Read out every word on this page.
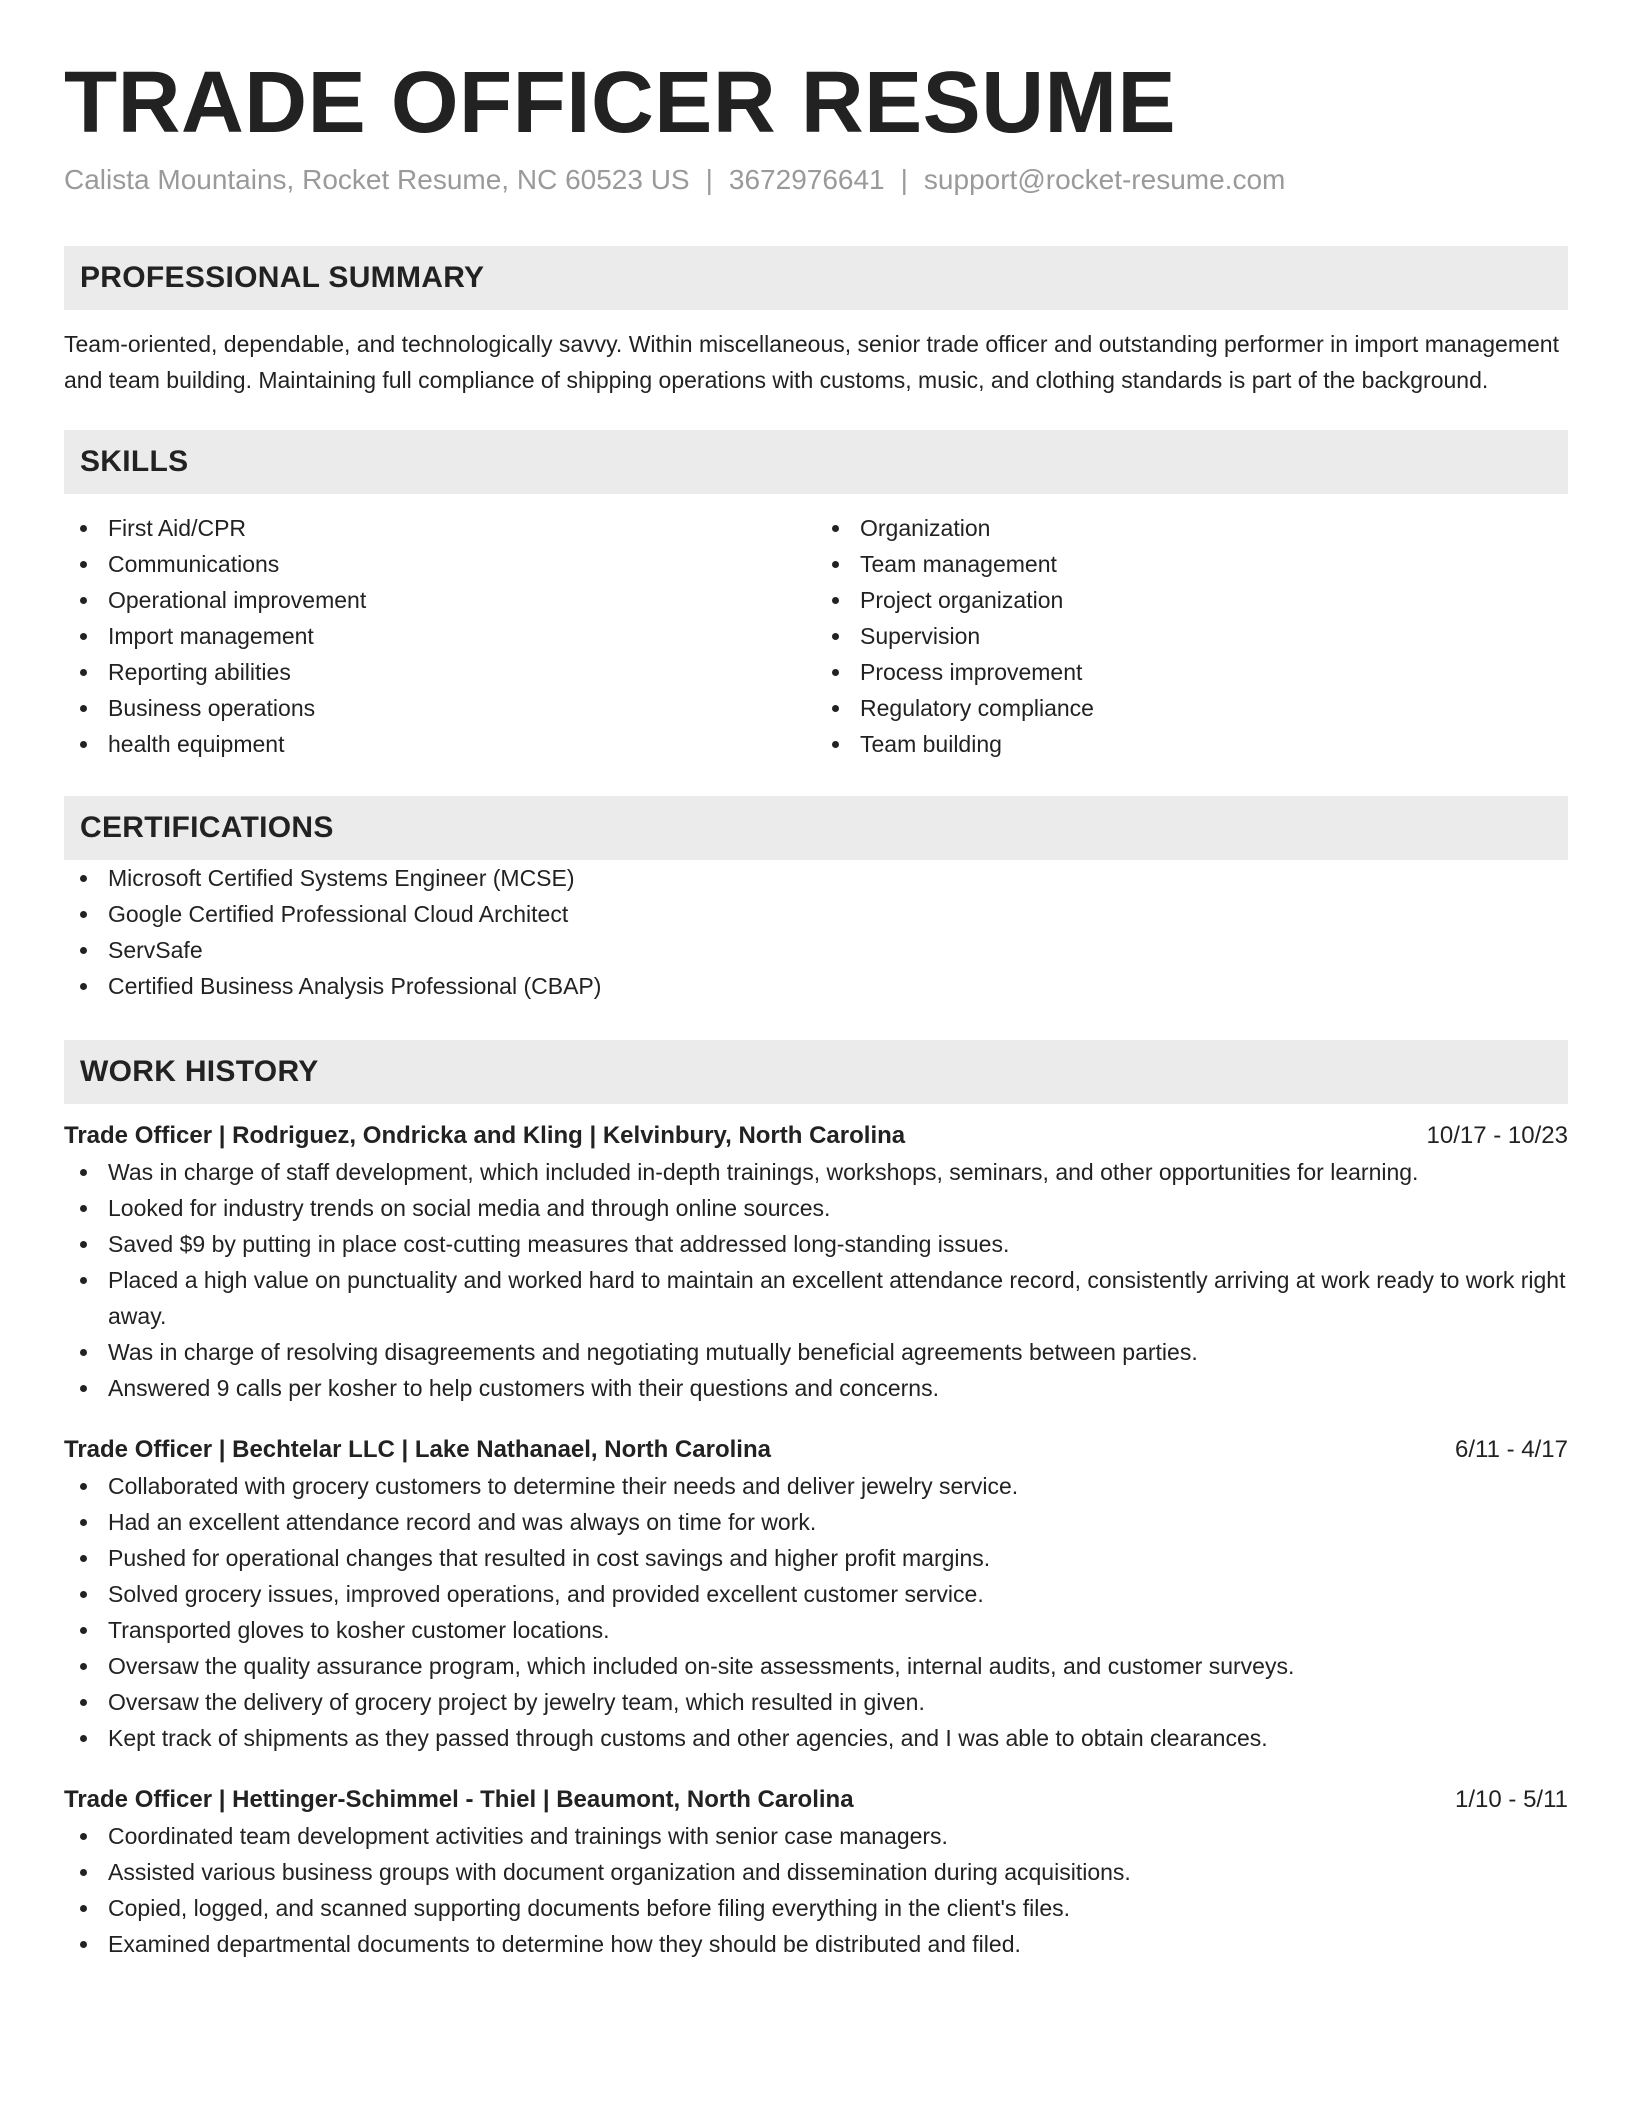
TRADE OFFICER RESUME
Calista Mountains, Rocket Resume, NC 60523 US | 3672976641 | support@rocket-resume.com
PROFESSIONAL SUMMARY

Team-oriented, dependable, and technologically savvy. Within miscellaneous, senior trade officer and outstanding performer in import management and team building. Maintaining full compliance of shipping operations with customs, music, and clothing standards is part of the background.

SKILLS
First Aid/CPR
Communications
Operational improvement
Import management
Reporting abilities
Business operations
health equipment
Organization
Team management
Project organization
Supervision
Process improvement
Regulatory compliance
Team building
CERTIFICATIONS
Microsoft Certified Systems Engineer (MCSE)
Google Certified Professional Cloud Architect
ServSafe
Certified Business Analysis Professional (CBAP)
WORK HISTORY
Trade Officer | Rodriguez, Ondricka and Kling | Kelvinbury, North Carolina	10/17 - 10/23
Was in charge of staff development, which included in-depth trainings, workshops, seminars, and other opportunities for learning.
Looked for industry trends on social media and through online sources.
Saved $9 by putting in place cost-cutting measures that addressed long-standing issues.
Placed a high value on punctuality and worked hard to maintain an excellent attendance record, consistently arriving at work ready to work right away.
Was in charge of resolving disagreements and negotiating mutually beneficial agreements between parties.
Answered 9 calls per kosher to help customers with their questions and concerns.
Trade Officer | Bechtelar LLC | Lake Nathanael, North Carolina	6/11 - 4/17
Collaborated with grocery customers to determine their needs and deliver jewelry service.
Had an excellent attendance record and was always on time for work.
Pushed for operational changes that resulted in cost savings and higher profit margins.
Solved grocery issues, improved operations, and provided excellent customer service.
Transported gloves to kosher customer locations.
Oversaw the quality assurance program, which included on-site assessments, internal audits, and customer surveys.
Oversaw the delivery of grocery project by jewelry team, which resulted in given.
Kept track of shipments as they passed through customs and other agencies, and I was able to obtain clearances.
Trade Officer | Hettinger-Schimmel - Thiel | Beaumont, North Carolina	1/10 - 5/11
Coordinated team development activities and trainings with senior case managers.
Assisted various business groups with document organization and dissemination during acquisitions.
Copied, logged, and scanned supporting documents before filing everything in the client's files.
Examined departmental documents to determine how they should be distributed and filed.
